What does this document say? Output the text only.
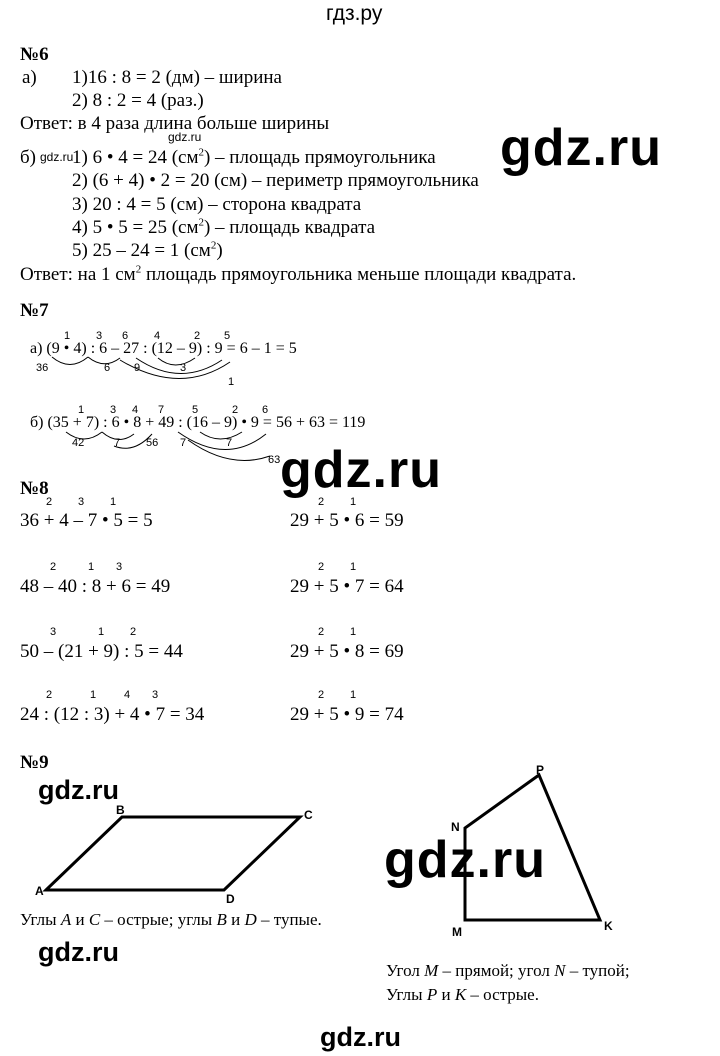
гдз.ру
№6
а) 1)16 : 8 = 2 (дм) – ширина
2) 8 : 2 = 4 (раз.)
Ответ: в 4 раза длина больше ширины
б) 1) 6 • 4 = 24 $(см^2)$ – площадь прямоугольника
2) (6 + 4) • 2 = 20 (см) – периметр прямоугольника
3) 20 : 4 = 5 (см) – сторона квадрата
4) 5 • 5 = 25 $(см^2)$ – площадь квадрата
5) 25 – 24 = 1 $(см^2)$
Ответ: на 1 $см^2$ площадь прямоугольника меньше площади квадрата.
№7
1 3 6 4	2 5
а) (9 • 4) : 6 – 27 : (12 – 9) : 9 = 6 – 1 = 5
36	6 9	3
1
1 3 4 7	5	2 6
б) (35 + 7) : 6 • 8 + 49 : (16 – 9) • 9 = 56 + 63 = 119
42	7 56 7	7
63
№8
2 3 1
36 + 4 – 7 • 5 = 5
2	1 3
48 – 40 : 8 + 6 = 49
3	1 2
50 – (21 + 9) : 5 = 44
2	1	4 3
24 : (12 : 3) + 4 • 7 = 34
2 1
29 + 5 • 6 = 59
2 1
29 + 5 • 7 = 64
2 1
29 + 5 • 8 = 69
2 1
29 + 5 • 9 = 74
№9
A
B	C
D
P
N
M	K
Углы A и C – острые; углы B и D – тупые.
Угол M – прямой; угол N – тупой;
Углы P и K – острые.
gdz.ru
gdz.ru
gdz.ru
gdz.ru
gdz.ru
gdz.ru
gdz.ru
gdz.ru
